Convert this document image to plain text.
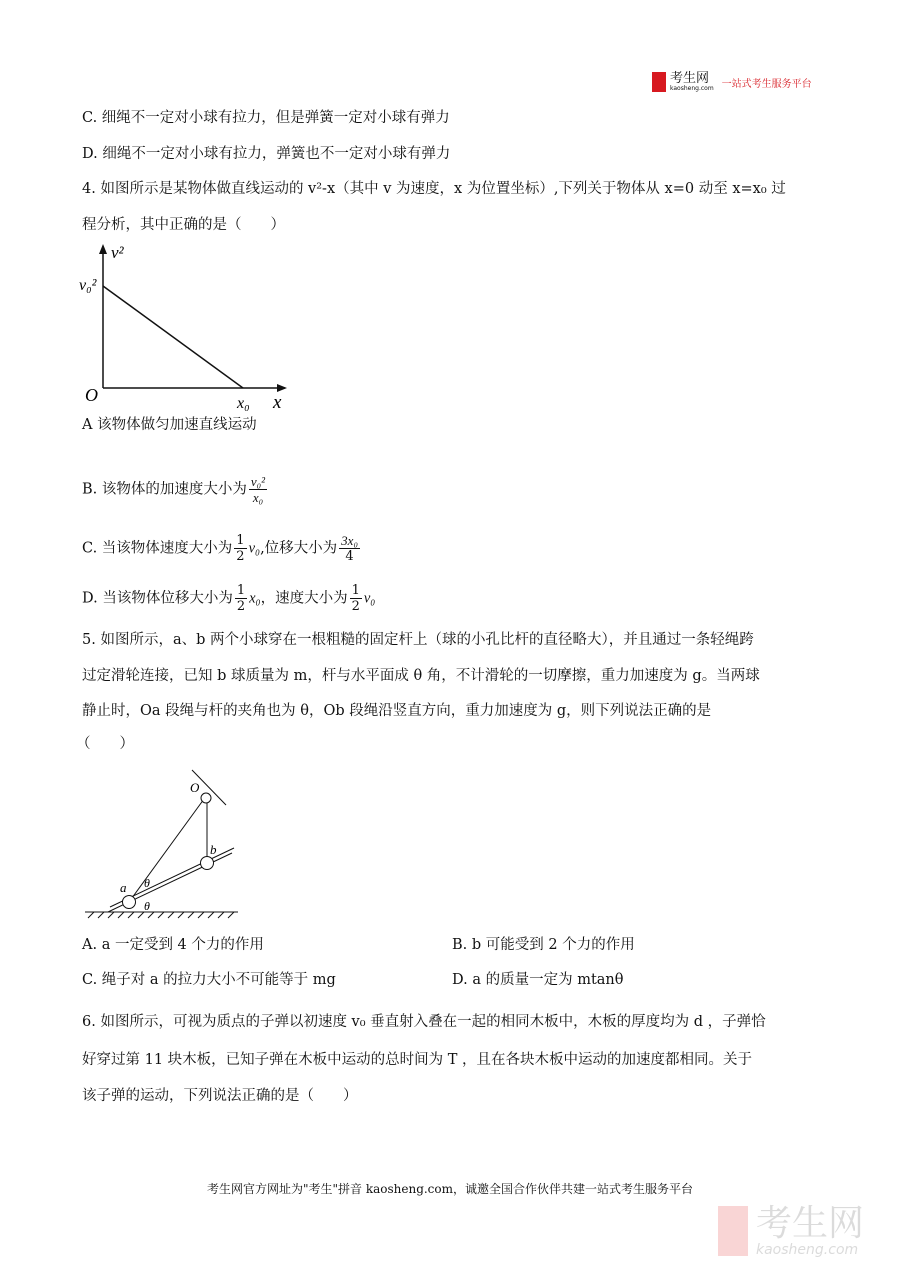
考生网
kaosheng.com 一站式考生服务平台
C. 细绳不一定对小球有拉力，但是弹簧一定对小球有弹力
D. 细绳不一定对小球有拉力，弹簧也不一定对小球有弹力
4. 如图所示是某物体做直线运动的 v²-x（其中 v 为速度，x 为位置坐标）,下列关于物体从 x=0 动至 x=x₀ 过
程分析，其中正确的是（　　）
v²
v₀²
O	x₀ x
A 该物体做匀加速直线运动
B. 该物体的加速度大小为 $\frac{\text{v₀²}}{\text{x₀}}$
C. 当该物体速度大小为 $\frac{1}{2} v_0$,位移大小为 $\frac{\text{3x₀}}{4}$
D. 当该物体位移大小为 $\frac{1}{2} x_0$，速度大小为 $\frac{1}{2} v_0$
5. 如图所示，a、b 两个小球穿在一根粗糙的固定杆上（球的小孔比杆的直径略大），并且通过一条轻绳跨
过定滑轮连接，已知 b 球质量为 m，杆与水平面成 θ 角，不计滑轮的一切摩擦，重力加速度为 g。当两球
静止时，Oa 段绳与杆的夹角也为 θ，Ob 段绳沿竖直方向，重力加速度为 g，则下列说法正确的是
（　　）
O
b
a θ
θ
A. a 一定受到 4 个力的作用	B. b 可能受到 2 个力的作用
C. 绳子对 a 的拉力大小不可能等于 mg	D. a 的质量一定为 mtanθ
6. 如图所示，可视为质点的子弹以初速度 v₀ 垂直射入叠在一起的相同木板中，木板的厚度均为 d ，子弹恰
好穿过第 11 块木板，已知子弹在木板中运动的总时间为 T ，且在各块木板中运动的加速度都相同。关于
该子弹的运动，下列说法正确的是（　　）
考生网官方网址为"考生"拼音 kaosheng.com，诚邀全国合作伙伴共建一站式考生服务平台
考生网
kaosheng.com
